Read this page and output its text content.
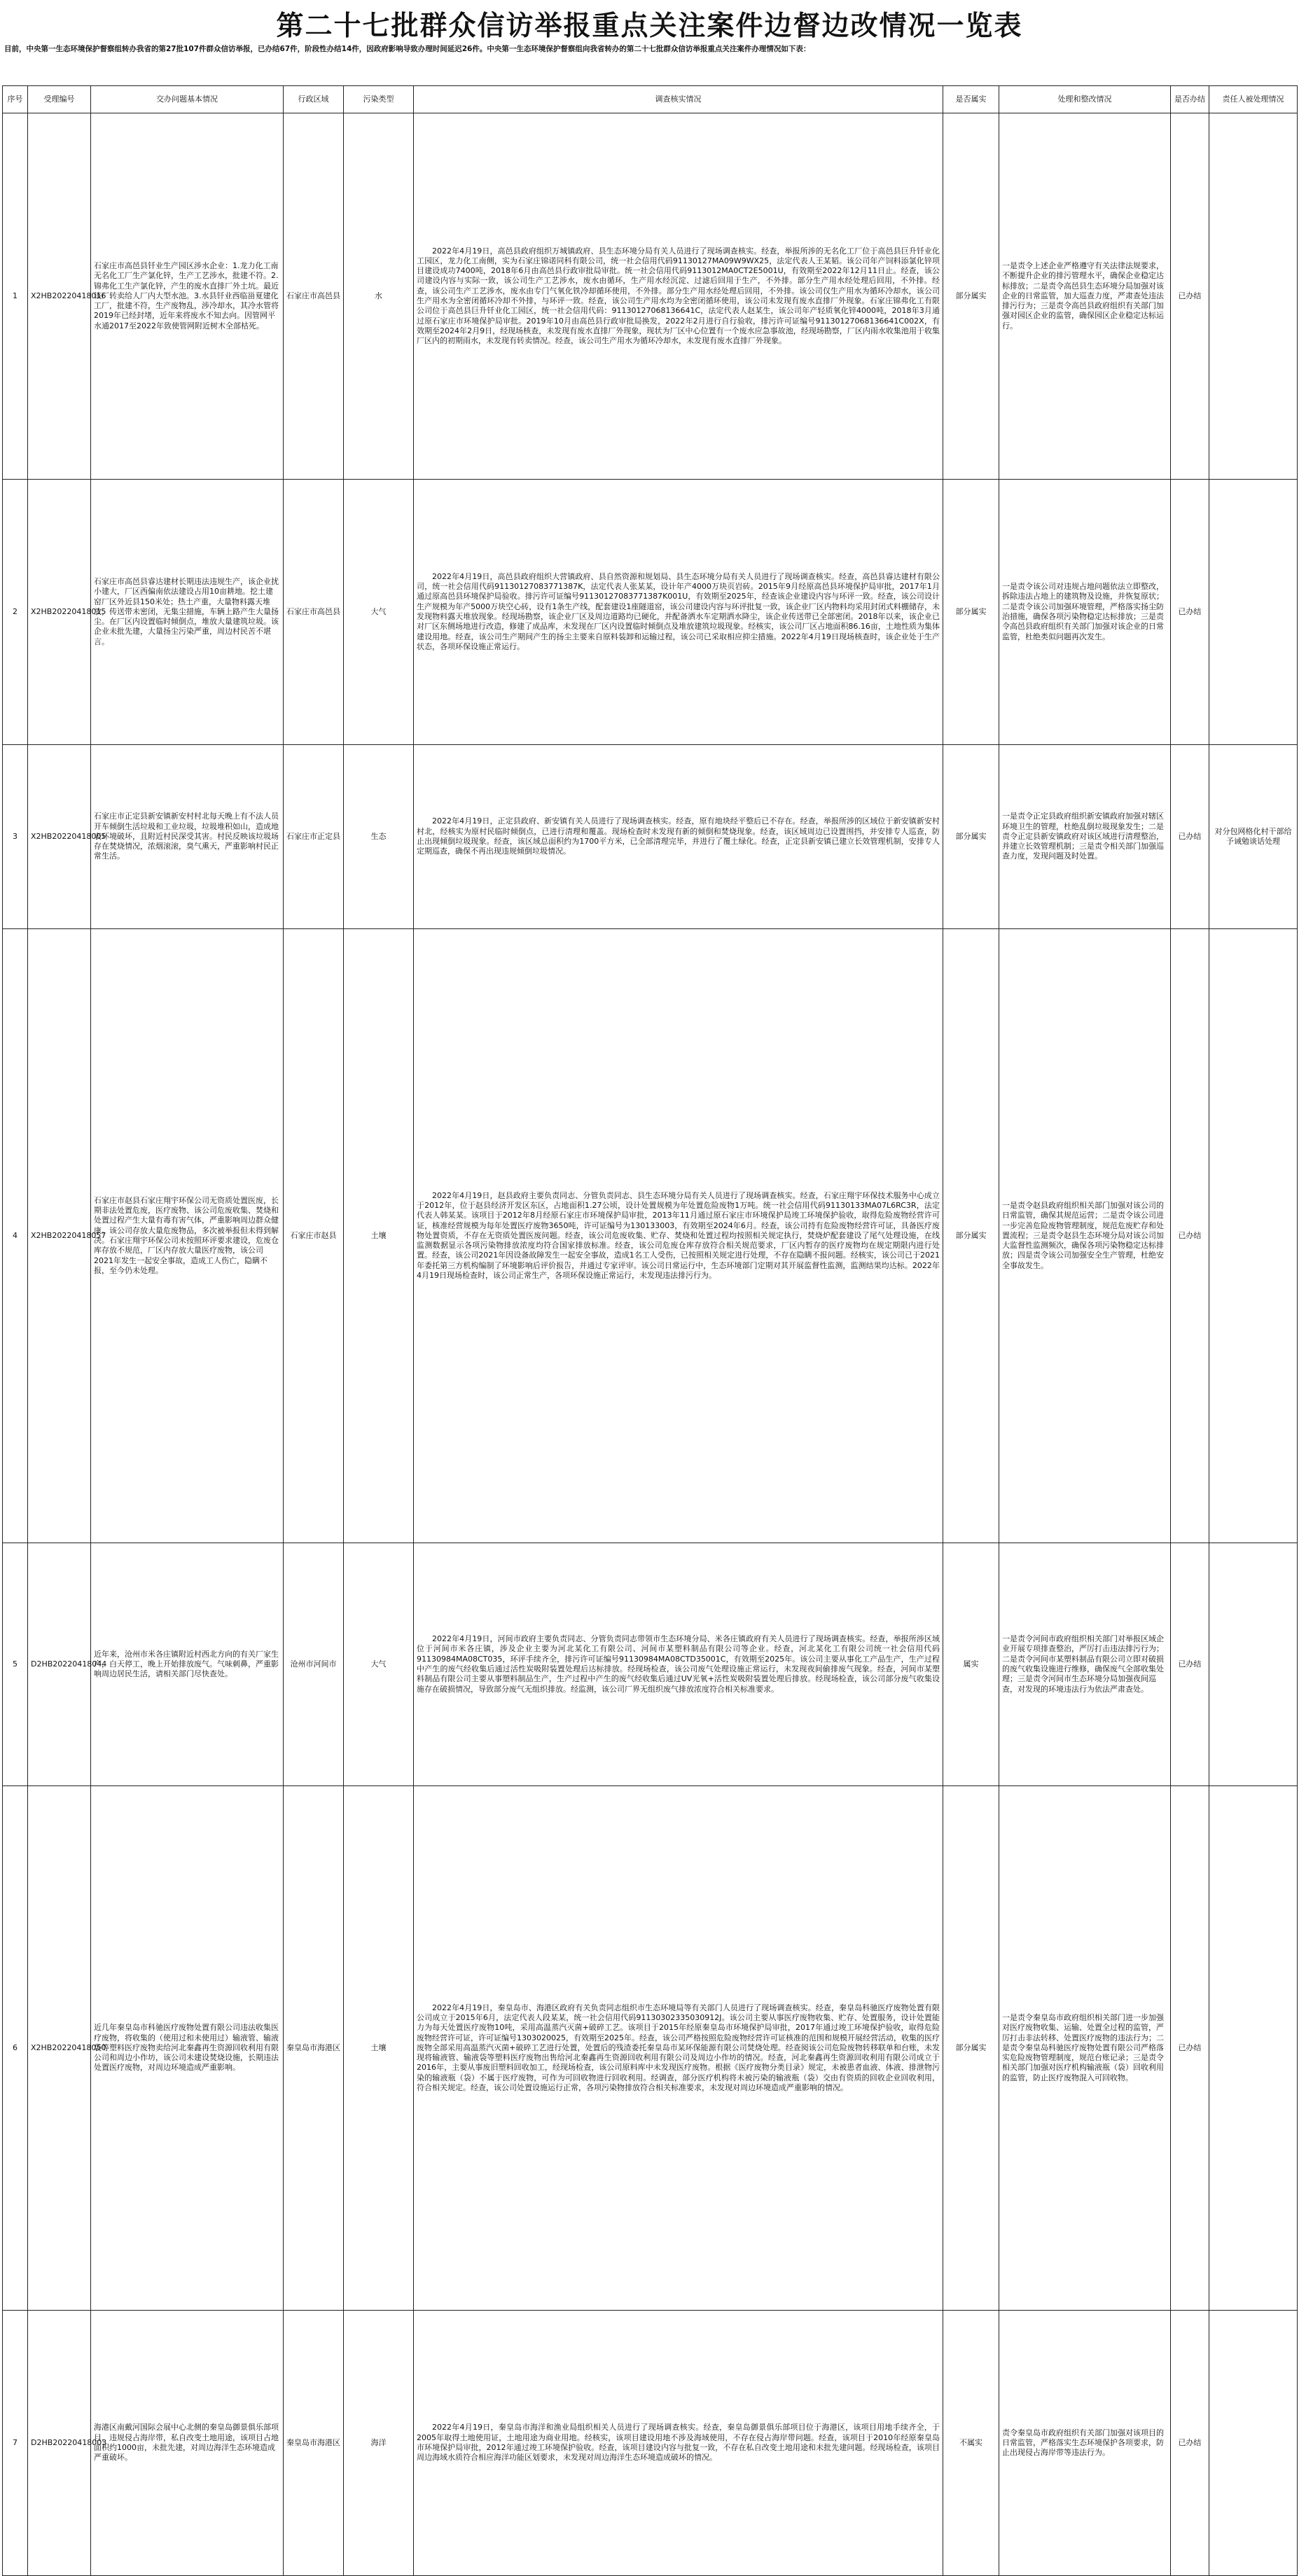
第二十七批群众信访举报重点关注案件边督边改情况一览表
目前，中央第一生态环境保护督察组转办我省的第27批107件群众信访举报，已办结67件，阶段性办结14件，因政府影响导致办理时间延迟26件。中央第一生态环境保护督察组向我省转办的第二十七批群众信访举报重点关注案件办理情况如下表：
序号	受理编号	交办问题基本情况	行政区域	污染类型	调查核实情况	是否属实	处理和整改情况	是否办结	责任人被处理情况
1	X2HB20220418016	石家庄市高邑县钎业生产园区涉水企业：1.龙力化工南无名化工厂生产氯化锌，生产工艺涉水，批建不符。2.锦弗化工生产氯化锌，产生的废水直排厂外土坑。最近该厂转卖给人厂内大型水池。3.水县钎业西临甾夏建化工厂，批建不符，生产废物乱，涉冷却水，其冷水管将2019年已经封堵，近年来将废水不知去向。因管网平水通2017至2022年致使管网附近树木全部枯死。	石家庄市高邑县	水	2022年4月19日，高邑县政府组织万城镇政府、县生态环境分局有关人员进行了现场调查核实。经查，举报所涉的无名化工厂位于高邑县巨升钎业化工园区，龙力化工南侧，实为石家庄锦诺同科有限公司，统一社会信用代码91130127MA09W9WX25，法定代表人王某韬。该公司年产饲料添氯化锌项目建设成功7400吨，2018年6月由高邑县行政审批局审批。统一社会信用代码9113012MA0CT2E5001U，有效期至2022年12月11日止。经查，该公司建设内容与实际一致，该公司生产工艺涉水，废水由循环，生产用水经沉淀、过滤后回用于生产，不外排。部分生产用水经处理后回用，不外排。经查，该公司生产工艺涉水，废水由专门气氧化铁冷却循环使用，不外排。部分生产用水经处理后回用，不外排。该公司仅生产用水为循环冷却水，该公司生产用水为全密闭循环冷却不外排，与环评一致。经查，该公司生产用水均为全密闭循环使用，该公司未发现有废水直排厂外现象。石家庄锦弗化工有限公司位于高邑县巨升钎业化工园区，统一社会信用代码：91130127068136641C，法定代表人赵某生，该公司年产轻质氧化锌4000吨，2018年3月通过原石家庄市环境保护局审批。2019年10月由高邑县行政审批局换发，2022年2月进行自行验收，排污许可证编号91130127068136641C002X，有效期至2024年2月9日，经现场核查，未发现有废水直排厂外现象，现状为厂区中心位置有一个废水应急事故池，经现场勘察，厂区内雨水收集池用于收集厂区内的初期雨水，未发现有转卖情况。经查，该公司生产用水为循环冷却水，未发现有废水直排厂外现象。	部分属实	一是责令上述企业严格遵守有关法律法规要求，不断提升企业的排污管理水平，确保企业稳定达标排放；二是责令高邑县生态环境分局加强对该企业的日常监管，加大巡查力度，严肃查处违法排污行为；三是责令高邑县政府组织有关部门加强对园区企业的监管，确保园区企业稳定达标运行。	已办结	
2	X2HB20220418015	石家庄市高邑县睿达建材长期违法违规生产，该企业扰小建大，厂区西偏南依法建设占用10亩耕地。挖土建窑厂区外近县150米处；热土产重，大量物料露天堆放，传送带未密闭，无集尘措施，车辆上路产生大量扬尘。在厂区内设置临时倾倒点，堆放大量建筑垃圾。该企业未批先建，大量扬尘污染严重，周边村民苦不堪言。	石家庄市高邑县	大气	2022年4月19日，高邑县政府组织大营镇政府、县自然资源和规划局、县生态环境分局有关人员进行了现场调查核实。经查，高邑县睿达建材有限公司，统一社会信用代码91130127083771387K，法定代表人张某某，设计年产4000万块页岩砖。2015年9月经原高邑县环境保护局审批，2017年1月通过原高邑县环境保护局验收。排污许可证编号91130127083771387K001U，有效期至2025年，经查该企业建设内容与环评一致。经查，该公司设计生产规模为年产5000万块空心砖，设有1条生产线，配套建设1座隧道窑，该公司建设内容与环评批复一致，该企业厂区内物料均采用封闭式料棚储存，未发现物料露天堆放现象。经现场勘察，该企业厂区及周边道路均已硬化，并配备洒水车定期洒水降尘，该企业传送带已全部密闭。2018年以来，该企业已对厂区东侧场地进行改造，修建了成品库，未发现在厂区内设置临时倾倒点及堆放建筑垃圾现象。经核实，该公司厂区占地面积86.16亩，土地性质为集体建设用地。经查，该公司生产期间产生的扬尘主要来自原料装卸和运输过程，该公司已采取相应抑尘措施。2022年4月19日现场核查时，该企业处于生产状态，各项环保设施正常运行。	部分属实	一是责令该公司对违规占地问题依法立即整改，拆除违法占地上的建筑物及设施，并恢复原状；二是责令该公司加强环境管理，严格落实扬尘防治措施，确保各项污染物稳定达标排放；三是责令高邑县政府组织有关部门加强对该企业的日常监管，杜绝类似问题再次发生。	已办结	
3	X2HB20220418005	石家庄市正定县新安镇新安村村北每天晚上有不法人员开车倾倒生活垃圾和工业垃圾，垃圾堆积如山，造成地表环境破坏，且附近村民深受其害。村民反映该垃圾场存在焚烧情况，浓烟滚滚，臭气熏天，严重影响村民正常生活。	石家庄市正定县	生态	2022年4月19日，正定县政府、新安镇有关人员进行了现场调查核实。经查，原有地块经平整后已不存在。经查，举报所涉的区域位于新安镇新安村村北，经核实为原村民临时倾倒点，已进行清理和覆盖。现场检查时未发现有新的倾倒和焚烧现象。经查，该区域周边已设置围挡，并安排专人巡查，防止出现倾倒垃圾现象。经查，该区域总面积约为1700平方米，已全部清理完毕，并进行了覆土绿化。经查，正定县新安镇已建立长效管理机制，安排专人定期巡查，确保不再出现违规倾倒垃圾情况。	部分属实	一是责令正定县政府组织新安镇政府加强对辖区环境卫生的管理，杜绝乱倒垃圾现象发生；二是责令正定县新安镇政府对该区域进行清理整治，并建立长效管理机制；三是责令相关部门加强巡查力度，发现问题及时处置。	已办结	对分包网格化村干部给予诫勉谈话处理
4	X2HB20220418057	石家庄市赵县石家庄翔宇环保公司无资质处置医废，长期非法处置危废，医疗废物、该公司危废收集、焚烧和处置过程产生大量有毒有害气体，严重影响周边群众健康。该公司存放大量危废物品，多次被举报但未得到解决。石家庄翔宇环保公司未按照环评要求建设，危废仓库存放不规范，厂区内存放大量医疗废物，该公司2021年发生一起安全事故，造成工人伤亡，隐瞒不报，至今仍未处理。	石家庄市赵县	土壤	2022年4月19日，赵县政府主要负责同志、分管负责同志、县生态环境分局有关人员进行了现场调查核实。经查，石家庄翔宇环保技术服务中心成立于2012年，位于赵县经济开发区东区，占地面积1.27公顷，设计处置规模为年处置危险废物1万吨。统一社会信用代码91130133MA07L6RC3R，法定代表人韩某某。该项目于2012年8月经原石家庄市环境保护局审批，2013年11月通过原石家庄市环境保护局竣工环境保护验收，取得危险废物经营许可证，核准经营规模为每年处置医疗废物3650吨，许可证编号为130133003，有效期至2024年6月。经查，该公司持有危险废物经营许可证，具备医疗废物处置资质，不存在无资质处置医废问题。经查，该公司危废收集、贮存、焚烧和处置过程均按照相关规定执行，焚烧炉配套建设了尾气处理设施，在线监测数据显示各项污染物排放浓度均符合国家排放标准。经查，该公司危废仓库存放符合相关规范要求，厂区内暂存的医疗废物均在规定期限内进行处置。经查，该公司2021年因设备故障发生一起安全事故，造成1名工人受伤，已按照相关规定进行处理，不存在隐瞒不报问题。经核实，该公司已于2021年委托第三方机构编制了环境影响后评价报告，并通过专家评审。该公司日常运行中，生态环境部门定期对其开展监督性监测，监测结果均达标。2022年4月19日现场检查时，该公司正常生产，各项环保设施正常运行，未发现违法排污行为。	部分属实	一是责令赵县政府组织相关部门加强对该公司的日常监管，确保其规范运营；二是责令该公司进一步完善危险废物管理制度，规范危废贮存和处置流程；三是责令赵县生态环境分局对该公司加大监督性监测频次，确保各项污染物稳定达标排放；四是责令该公司加强安全生产管理，杜绝安全事故发生。	已办结	
5	D2HB20220418044	近年来，沧州市米各庄镇附近村西北方向的有关厂家生产，白天停工，晚上开始排放废气。气味刺鼻，严重影响周边居民生活，请相关部门尽快查处。	沧州市河间市	大气	2022年4月19日，河间市政府主要负责同志、分管负责同志带领市生态环境分局、米各庄镇政府有关人员进行了现场调查核实。经查，举报所涉区域位于河间市米各庄镇，涉及企业主要为河北某化工有限公司、河间市某塑料制品有限公司等企业。经查，河北某化工有限公司统一社会信用代码91130984MA08CT035，环评手续齐全，排污许可证编号91130984MA08CTD35001C，有效期至2025年。该公司主要从事化工产品生产，生产过程中产生的废气经收集后通过活性炭吸附装置处理后达标排放。经现场检查，该公司废气处理设施正常运行，未发现夜间偷排废气现象。经查，河间市某塑料制品有限公司主要从事塑料制品生产，生产过程中产生的废气经收集后通过UV光氧+活性炭吸附装置处理后排放。经现场检查，该公司部分废气收集设施存在破损情况，导致部分废气无组织排放。经监测，该公司厂界无组织废气排放浓度符合相关标准要求。	属实	一是责令河间市政府组织相关部门对举报区域企业开展专项排查整治，严厉打击违法排污行为；二是责令河间市某塑料制品有限公司立即对破损的废气收集设施进行维修，确保废气全部收集处理；三是责令河间市生态环境分局加强夜间巡查，对发现的环境违法行为依法严肃查处。	已办结	
6	X2HB20220418050	近几年秦皇岛市科驰医疗废物处置有限公司违法收集医疗废物，将收集的（使用过和未使用过）输液管、输液袋等塑料医疗废物卖给河北秦鑫再生资源回收利用有限公司和周边小作坊，该公司未建设焚烧设施，长期违法处置医疗废物，对周边环境造成严重影响。	秦皇岛市海港区	土壤	2022年4月19日，秦皇岛市、海港区政府有关负责同志组织市生态环境局等有关部门人员进行了现场调查核实。经查，秦皇岛科驰医疗废物处置有限公司成立于2015年6月，法定代表人段某某，统一社会信用代码91130302335030912J。该公司主要从事医疗废物收集、贮存、处置服务，设计处置能力为每天处置医疗废物10吨，采用高温蒸汽灭菌+破碎工艺。该项目于2015年经原秦皇岛市环境保护局审批，2017年通过竣工环境保护验收，取得危险废物经营许可证，许可证编号1303020025，有效期至2025年。经查，该公司严格按照危险废物经营许可证核准的范围和规模开展经营活动，收集的医疗废物全部采用高温蒸汽灭菌+破碎工艺进行处置，处置后的残渣委托秦皇岛市某环保能源有限公司焚烧处理。经查阅该公司危险废物转移联单和台账，未发现将输液管、输液袋等塑料医疗废物出售给河北秦鑫再生资源回收利用有限公司及周边小作坊的情况。经查，河北秦鑫再生资源回收利用有限公司成立于2016年，主要从事废旧塑料回收加工，经现场检查，该公司原料库中未发现医疗废物。根据《医疗废物分类目录》规定，未被患者血液、体液、排泄物污染的输液瓶（袋）不属于医疗废物，可作为可回收物进行回收利用。经调查，部分医疗机构将未被污染的输液瓶（袋）交由有资质的回收企业回收利用，符合相关规定。经查，该公司处置设施运行正常，各项污染物排放符合相关标准要求，未发现对周边环境造成严重影响的情况。	部分属实	一是责令秦皇岛市政府组织相关部门进一步加强对医疗废物收集、运输、处置全过程的监管，严厉打击非法转移、处置医疗废物的违法行为；二是责令秦皇岛科驰医疗废物处置有限公司严格落实危险废物管理制度，规范台账记录；三是责令相关部门加强对医疗机构输液瓶（袋）回收利用的监管，防止医疗废物混入可回收物。	已办结	
7	D2HB20220418003	海港区南戴河国际会展中心北侧的秦皇岛御景俱乐部项目，违规侵占海岸带，私自改变土地用途，该项目占地面积约1000亩，未批先建，对周边海洋生态环境造成严重破坏。	秦皇岛市海港区	海洋	2022年4月19日，秦皇岛市海洋和渔业局组织相关人员进行了现场调查核实。经查，秦皇岛御景俱乐部项目位于海港区，该项目用地手续齐全，于2005年取得土地使用证，土地用途为商业用地。经核实，该项目建设用地不涉及海域使用，不存在侵占海岸带问题。经查，该项目于2010年经原秦皇岛市环境保护局审批，2012年通过竣工环境保护验收。经查，该项目建设内容与批复一致，不存在私自改变土地用途和未批先建问题。经现场检查，该项目周边海域水质符合相应海洋功能区划要求，未发现对周边海洋生态环境造成破坏的情况。	不属实	责令秦皇岛市政府组织有关部门加强对该项目的日常监管，严格落实生态环境保护各项要求，防止出现侵占海岸带等违法行为。	已办结	
